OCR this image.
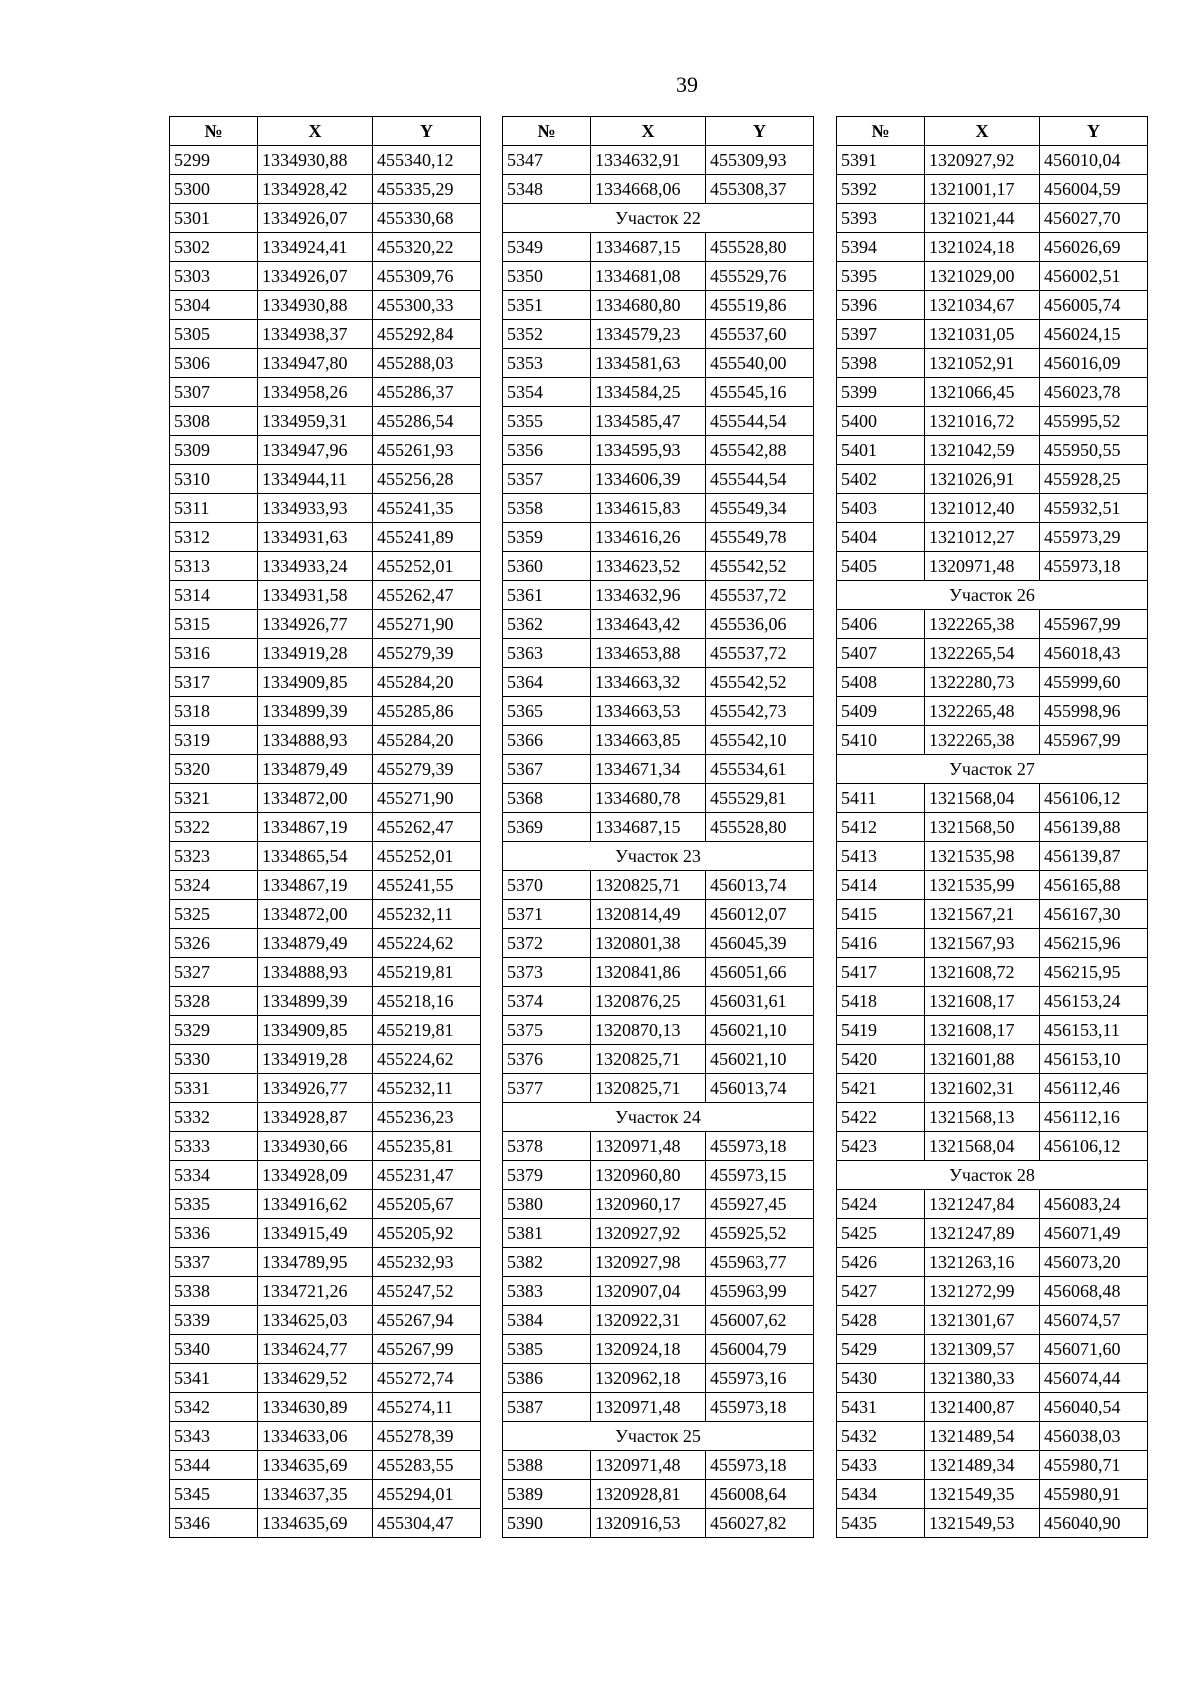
39
№	X	Y
5299	1334930,88	455340,12
5300	1334928,42	455335,29
5301	1334926,07	455330,68
5302	1334924,41	455320,22
5303	1334926,07	455309,76
5304	1334930,88	455300,33
5305	1334938,37	455292,84
5306	1334947,80	455288,03
5307	1334958,26	455286,37
5308	1334959,31	455286,54
5309	1334947,96	455261,93
5310	1334944,11	455256,28
5311	1334933,93	455241,35
5312	1334931,63	455241,89
5313	1334933,24	455252,01
5314	1334931,58	455262,47
5315	1334926,77	455271,90
5316	1334919,28	455279,39
5317	1334909,85	455284,20
5318	1334899,39	455285,86
5319	1334888,93	455284,20
5320	1334879,49	455279,39
5321	1334872,00	455271,90
5322	1334867,19	455262,47
5323	1334865,54	455252,01
5324	1334867,19	455241,55
5325	1334872,00	455232,11
5326	1334879,49	455224,62
5327	1334888,93	455219,81
5328	1334899,39	455218,16
5329	1334909,85	455219,81
5330	1334919,28	455224,62
5331	1334926,77	455232,11
5332	1334928,87	455236,23
5333	1334930,66	455235,81
5334	1334928,09	455231,47
5335	1334916,62	455205,67
5336	1334915,49	455205,92
5337	1334789,95	455232,93
5338	1334721,26	455247,52
5339	1334625,03	455267,94
5340	1334624,77	455267,99
5341	1334629,52	455272,74
5342	1334630,89	455274,11
5343	1334633,06	455278,39
5344	1334635,69	455283,55
5345	1334637,35	455294,01
5346	1334635,69	455304,47
№	X	Y
5347	1334632,91	455309,93
5348	1334668,06	455308,37
Участок 22		
5349	1334687,15	455528,80
5350	1334681,08	455529,76
5351	1334680,80	455519,86
5352	1334579,23	455537,60
5353	1334581,63	455540,00
5354	1334584,25	455545,16
5355	1334585,47	455544,54
5356	1334595,93	455542,88
5357	1334606,39	455544,54
5358	1334615,83	455549,34
5359	1334616,26	455549,78
5360	1334623,52	455542,52
5361	1334632,96	455537,72
5362	1334643,42	455536,06
5363	1334653,88	455537,72
5364	1334663,32	455542,52
5365	1334663,53	455542,73
5366	1334663,85	455542,10
5367	1334671,34	455534,61
5368	1334680,78	455529,81
5369	1334687,15	455528,80
Участок 23		
5370	1320825,71	456013,74
5371	1320814,49	456012,07
5372	1320801,38	456045,39
5373	1320841,86	456051,66
5374	1320876,25	456031,61
5375	1320870,13	456021,10
5376	1320825,71	456021,10
5377	1320825,71	456013,74
Участок 24		
5378	1320971,48	455973,18
5379	1320960,80	455973,15
5380	1320960,17	455927,45
5381	1320927,92	455925,52
5382	1320927,98	455963,77
5383	1320907,04	455963,99
5384	1320922,31	456007,62
5385	1320924,18	456004,79
5386	1320962,18	455973,16
5387	1320971,48	455973,18
Участок 25		
5388	1320971,48	455973,18
5389	1320928,81	456008,64
5390	1320916,53	456027,82
№	X	Y
5391	1320927,92	456010,04
5392	1321001,17	456004,59
5393	1321021,44	456027,70
5394	1321024,18	456026,69
5395	1321029,00	456002,51
5396	1321034,67	456005,74
5397	1321031,05	456024,15
5398	1321052,91	456016,09
5399	1321066,45	456023,78
5400	1321016,72	455995,52
5401	1321042,59	455950,55
5402	1321026,91	455928,25
5403	1321012,40	455932,51
5404	1321012,27	455973,29
5405	1320971,48	455973,18
Участок 26		
5406	1322265,38	455967,99
5407	1322265,54	456018,43
5408	1322280,73	455999,60
5409	1322265,48	455998,96
5410	1322265,38	455967,99
Участок 27		
5411	1321568,04	456106,12
5412	1321568,50	456139,88
5413	1321535,98	456139,87
5414	1321535,99	456165,88
5415	1321567,21	456167,30
5416	1321567,93	456215,96
5417	1321608,72	456215,95
5418	1321608,17	456153,24
5419	1321608,17	456153,11
5420	1321601,88	456153,10
5421	1321602,31	456112,46
5422	1321568,13	456112,16
5423	1321568,04	456106,12
Участок 28		
5424	1321247,84	456083,24
5425	1321247,89	456071,49
5426	1321263,16	456073,20
5427	1321272,99	456068,48
5428	1321301,67	456074,57
5429	1321309,57	456071,60
5430	1321380,33	456074,44
5431	1321400,87	456040,54
5432	1321489,54	456038,03
5433	1321489,34	455980,71
5434	1321549,35	455980,91
5435	1321549,53	456040,90
